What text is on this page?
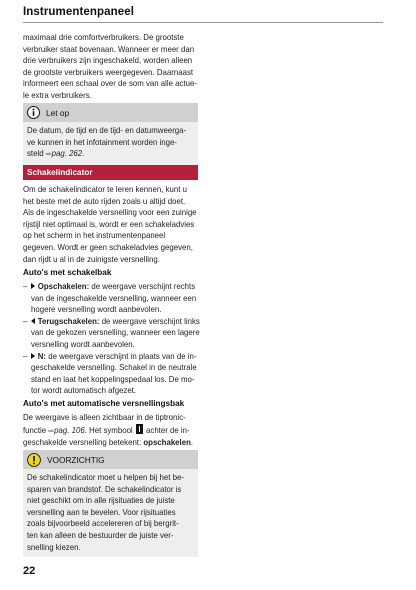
Instrumentenpaneel

maximaal drie comfortverbruikers. De grootste
verbruiker staat bovenaan. Wanneer er meer dan
drie verbruikers zijn ingeschakeld, worden alleen
de grootste verbruikers weergegeven. Daarnaast
informeert een schaal over de som van alle actue-
le extra verbruikers.

Let op

De datum, de tijd en de tijd- en datumweerga-
ve kunnen in het infotainment worden inge-
steld ⇨pag. 262.

Schakelindicator

Om de schakelindicator te leren kennen, kunt u
het beste met de auto rijden zoals u altijd doet.
Als de ingeschakelde versnelling voor een zuinige
rijstijl niet optimaal is, wordt er een schakeladvies
op het scherm in het instrumentenpaneel
gegeven. Wordt er geen schakeladvies gegeven,
dan rijdt u al in de zuinigste versnelling.

Auto's met schakelbak

– Opschakelen: de weergave verschijnt rechts
van de ingeschakelde versnelling, wanneer een
hogere versnelling wordt aanbevolen.
– Terugschakelen: de weergave verschijnt links
van de gekozen versnelling, wanneer een lagere
versnelling wordt aanbevolen.
– N: de weergave verschijnt in plaats van de in-
geschakelde versnelling. Schakel in de neutrale
stand en laat het koppelingspedaal los. De mo-
tor wordt automatisch afgezet.

Auto's met automatische versnellingsbak

De weergave is alleen zichtbaar in de tiptronic-
functie ⇨pag. 106. Het symbool  achter de in-
geschakelde versnelling betekent: opschakelen.

VOORZICHTIG

De schakelindicator moet u helpen bij het be-
sparen van brandstof. De schakelindicator is
niet geschikt om in alle rijsituaties de juiste
versnelling aan te bevelen. Voor rijsituaties
zoals bijvoorbeeld accelereren of bij bergrit-
ten kan alleen de bestuurder de juiste ver-
snelling kiezen.

22
